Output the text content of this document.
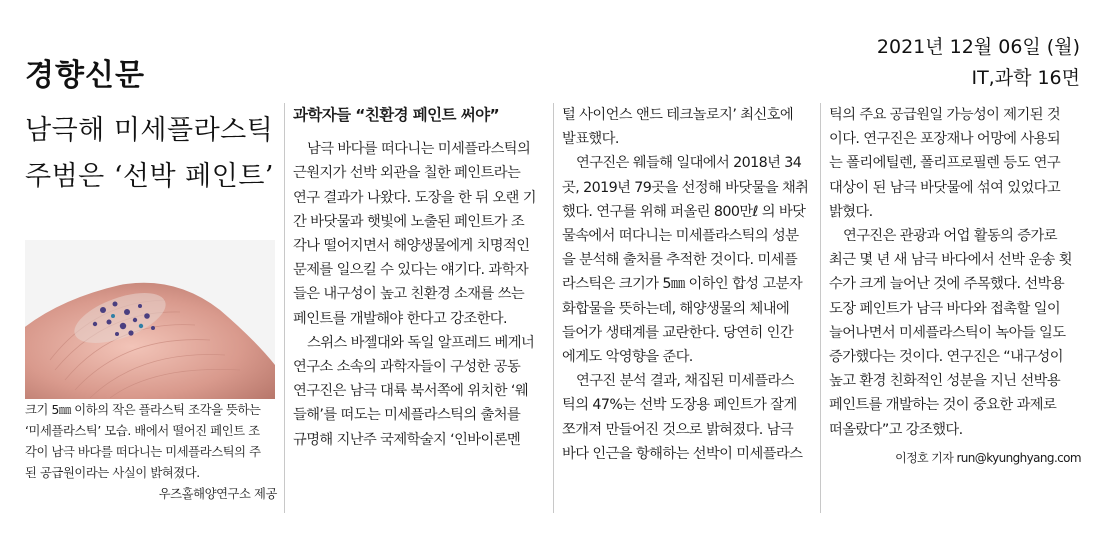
경향신문
2021년 12월 06일 (월)
IT,과학 16면
남극해 미세플라스틱
주범은 ‘선박 페인트’
크기 5㎜ 이하의 작은 플라스틱 조각을 뜻하는
‘미세플라스틱’ 모습. 배에서 떨어진 페인트 조
각이 남극 바다를 떠다니는 미세플라스틱의 주
된 공급원이라는 사실이 밝혀졌다.
우즈홀해양연구소 제공
과학자들 “친환경 페인트 써야”
남극 바다를 떠다니는 미세플라스틱의
근원지가 선박 외관을 칠한 페인트라는
연구 결과가 나왔다. 도장을 한 뒤 오랜 기
간 바닷물과 햇빛에 노출된 페인트가 조
각나 떨어지면서 해양생물에게 치명적인
문제를 일으킬 수 있다는 얘기다. 과학자
들은 내구성이 높고 친환경 소재를 쓰는
페인트를 개발해야 한다고 강조한다.
스위스 바젤대와 독일 알프레드 베게너
연구소 소속의 과학자들이 구성한 공동
연구진은 남극 대륙 북서쪽에 위치한 ‘웨
들해’를 떠도는 미세플라스틱의 출처를
규명해 지난주 국제학술지 ‘인바이론멘
털 사이언스 앤드 테크놀로지’ 최신호에
발표했다.
연구진은 웨들해 일대에서 2018년 34
곳, 2019년 79곳을 선정해 바닷물을 채취
했다. 연구를 위해 퍼올린 800만ℓ 의 바닷
물속에서 떠다니는 미세플라스틱의 성분
을 분석해 출처를 추적한 것이다. 미세플
라스틱은 크기가 5㎜ 이하인 합성 고분자
화합물을 뜻하는데, 해양생물의 체내에
들어가 생태계를 교란한다. 당연히 인간
에게도 악영향을 준다.
연구진 분석 결과, 채집된 미세플라스
틱의 47%는 선박 도장용 페인트가 잘게
쪼개져 만들어진 것으로 밝혀졌다. 남극
바다 인근을 항해하는 선박이 미세플라스
틱의 주요 공급원일 가능성이 제기된 것
이다. 연구진은 포장재나 어망에 사용되
는 폴리에틸렌, 폴리프로필렌 등도 연구
대상이 된 남극 바닷물에 섞여 있었다고
밝혔다.
연구진은 관광과 어업 활동의 증가로
최근 몇 년 새 남극 바다에서 선박 운송 횟
수가 크게 늘어난 것에 주목했다. 선박용
도장 페인트가 남극 바다와 접촉할 일이
늘어나면서 미세플라스틱이 녹아들 일도
증가했다는 것이다. 연구진은 “내구성이
높고 환경 친화적인 성분을 지닌 선박용
페인트를 개발하는 것이 중요한 과제로
떠올랐다”고 강조했다.
이정호 기자 run@kyunghyang.com
